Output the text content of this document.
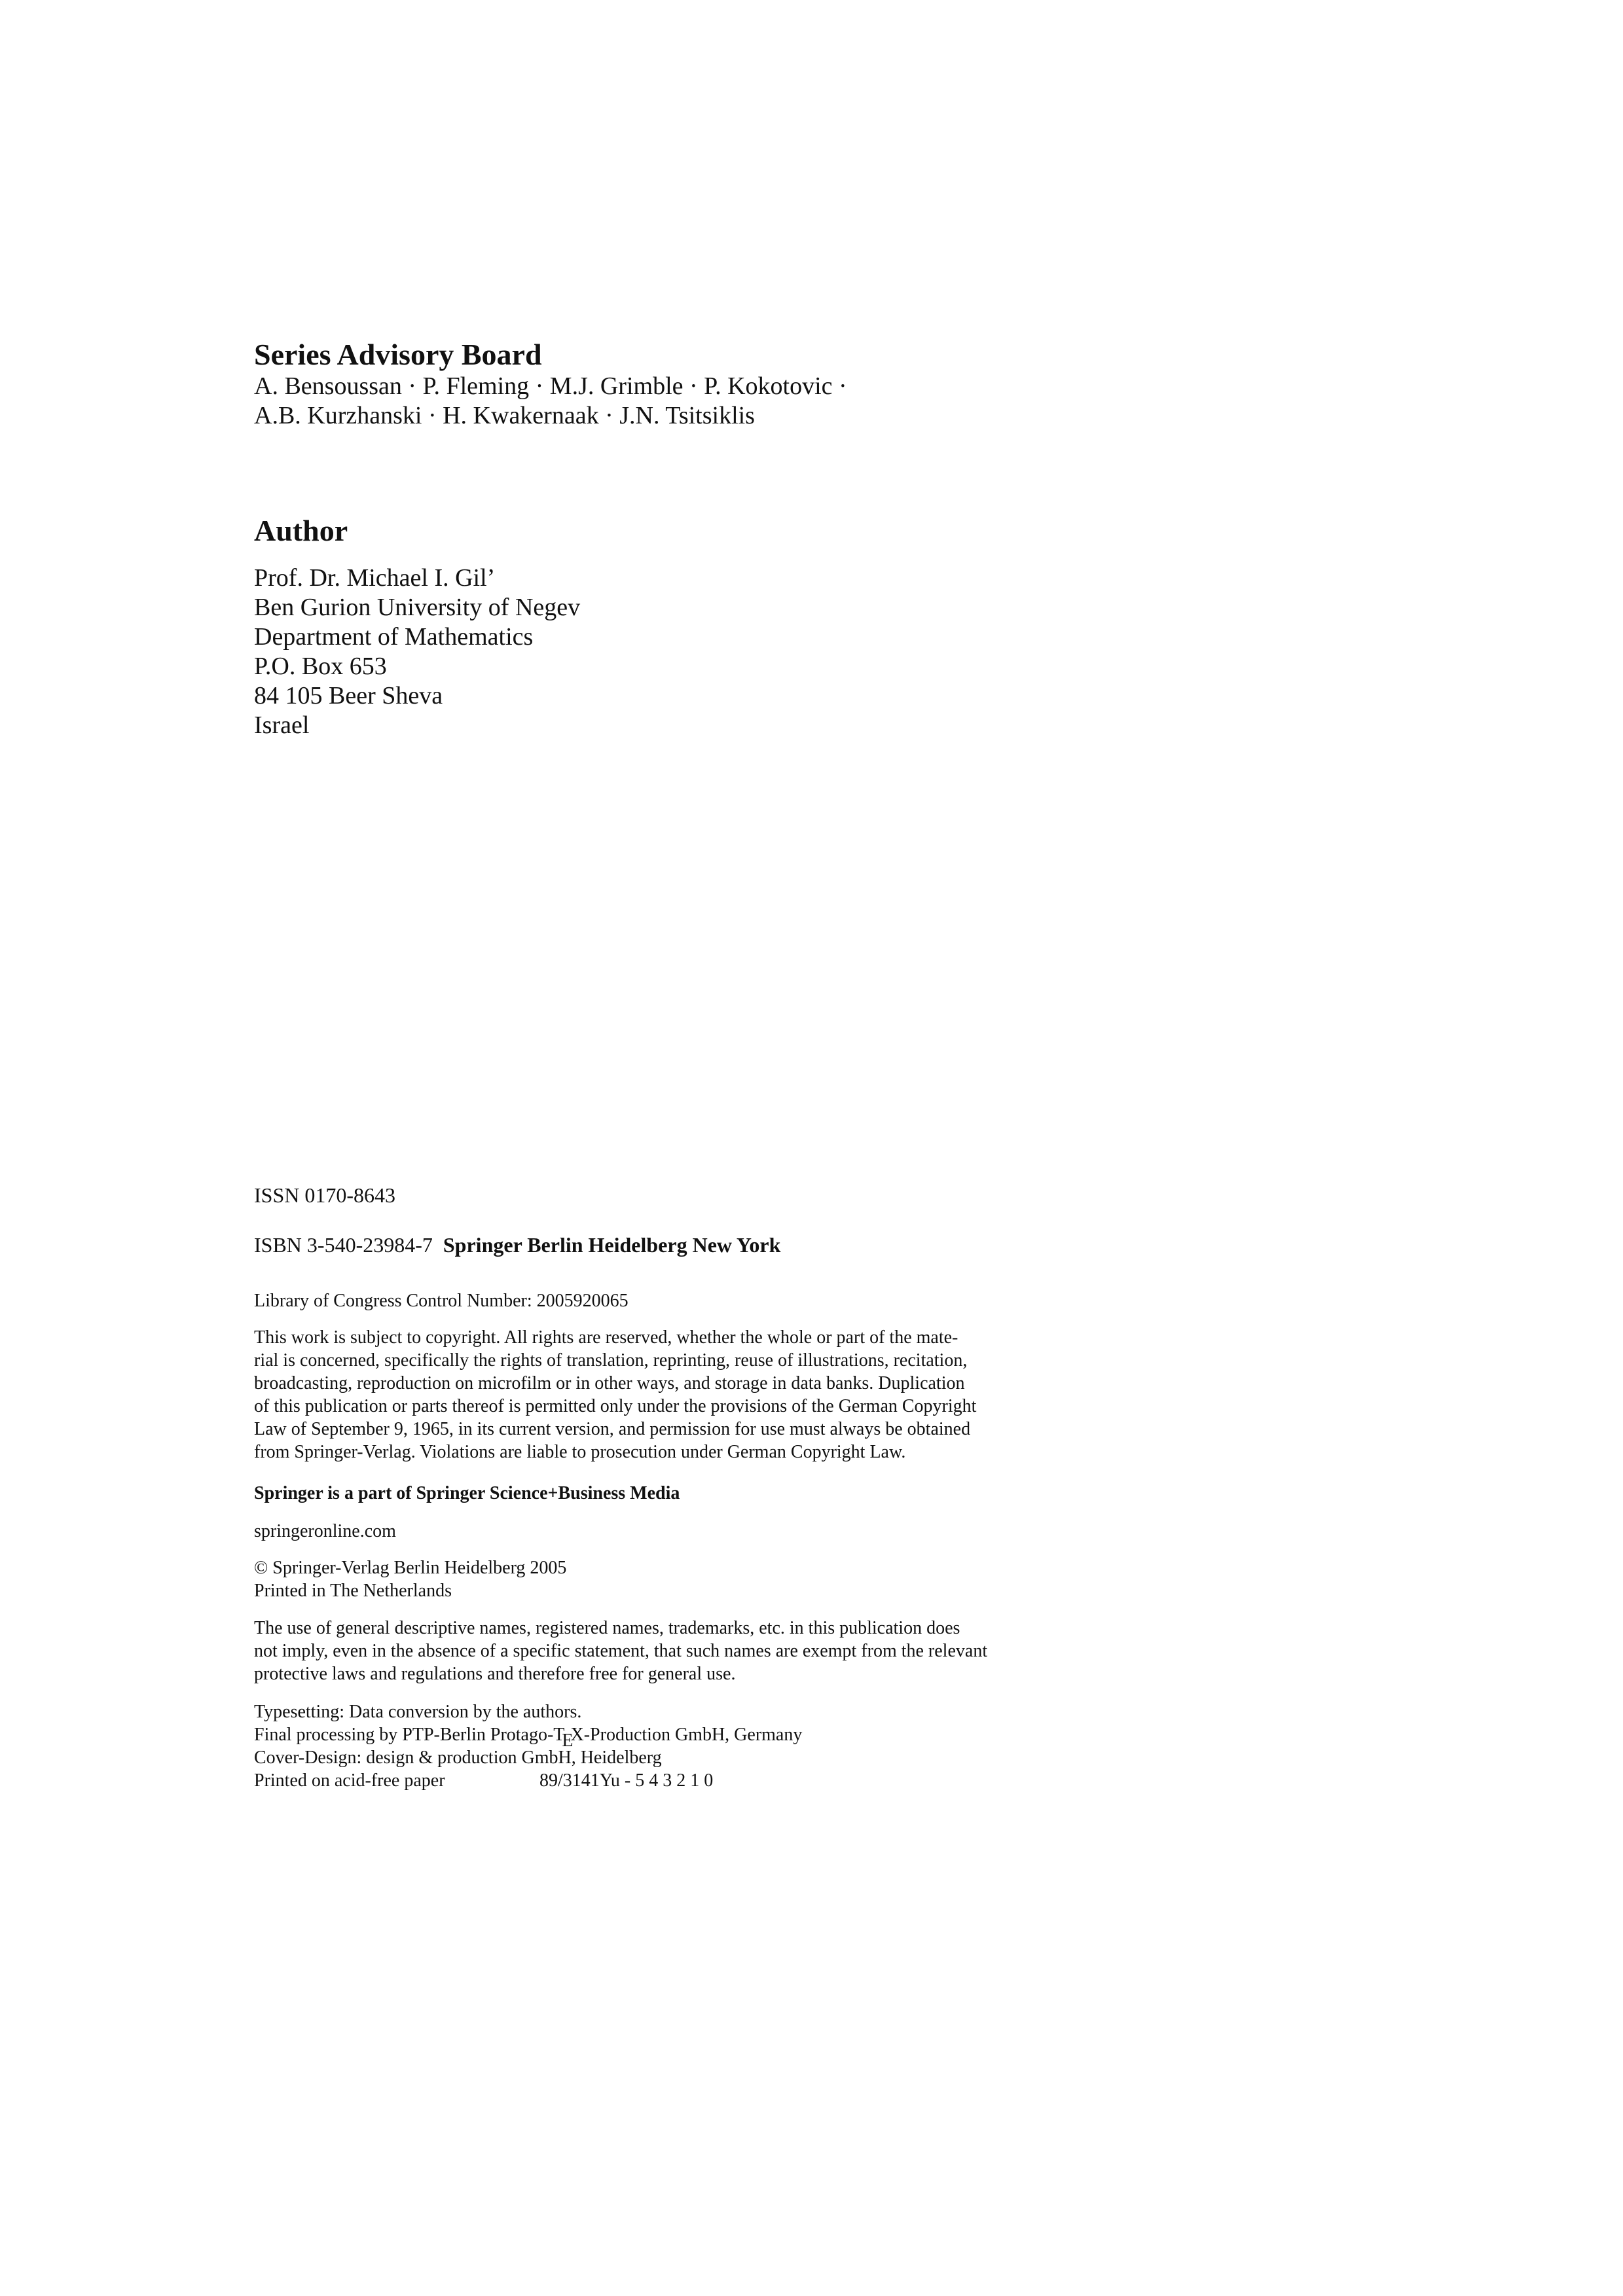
Series Advisory Board

A. Bensoussan · P. Fleming · M.J. Grimble · P. Kokotovic ·

A.B. Kurzhanski · H. Kwakernaak · J.N. Tsitsiklis

Author

Prof. Dr. Michael I. Gil’

Ben Gurion University of Negev

Department of Mathematics

P.O. Box 653

84 105 Beer Sheva

Israel

ISSN 0170-8643

ISBN 3-540-23984-7 Springer Berlin Heidelberg New York

Library of Congress Control Number: 2005920065

This work is subject to copyright. All rights are reserved, whether the whole or part of the mate-

rial is concerned, specifically the rights of translation, reprinting, reuse of illustrations, recitation,

broadcasting, reproduction on microfilm or in other ways, and storage in data banks. Duplication

of this publication or parts thereof is permitted only under the provisions of the German Copyright

Law of September 9, 1965, in its current version, and permission for use must always be obtained

from Springer-Verlag. Violations are liable to prosecution under German Copyright Law.

Springer is a part of Springer Science+Business Media

springeronline.com

© Springer-Verlag Berlin Heidelberg 2005

Printed in The Netherlands

The use of general descriptive names, registered names, trademarks, etc. in this publication does

not imply, even in the absence of a specific statement, that such names are exempt from the relevant

protective laws and regulations and therefore free for general use.

Typesetting: Data conversion by the authors.

Final processing by PTP-Berlin Protago-TEX-Production GmbH, Germany

Cover-Design: design & production GmbH, Heidelberg

Printed on acid-free paper	89/3141Yu - 5 4 3 2 1 0
